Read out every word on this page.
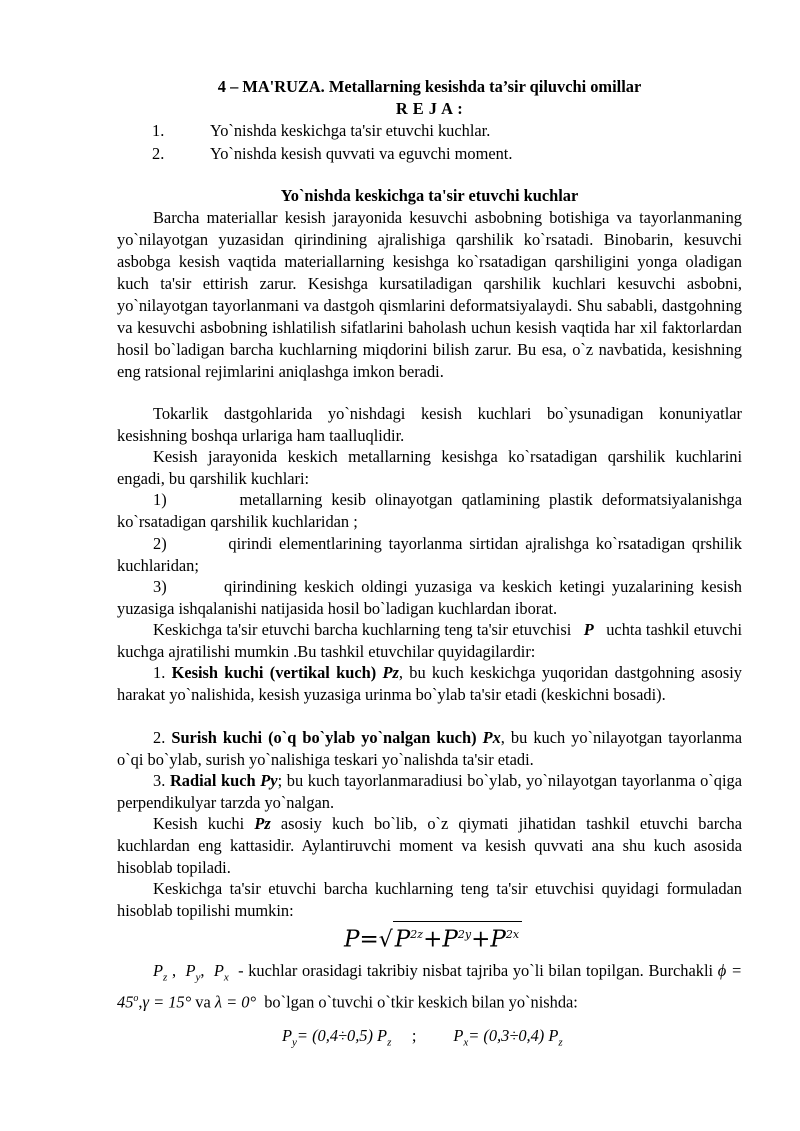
4 – MA'RUZA. Metallarning kesishda ta’sir qiluvchi omillar
R E J A :
1.	Yo`nishda keskichga ta'sir etuvchi kuchlar.
2.	Yo`nishda kesish quvvati va eguvchi moment.
Yo`nishda keskichga ta'sir etuvchi kuchlar
Barcha materiallar kesish jarayonida kesuvchi asbobning botishiga va tayorlanmaning yo`nilayotgan yuzasidan qirindining ajralishiga qarshilik ko`rsatadi. Binobarin, kesuvchi asbobga kesish vaqtida materiallarning kesishga ko`rsatadigan qarshiligini yonga oladigan kuch ta'sir ettirish zarur. Kesishga kursatiladigan qarshilik kuchlari kesuvchi asbobni, yo`nilayotgan tayorlanmani va dastgoh qismlarini deformatsiyalaydi. Shu sababli, dastgohning va kesuvchi asbobning ishlatilish sifatlarini baholash uchun kesish vaqtida har xil faktorlardan hosil bo`ladigan barcha kuchlarning miqdorini bilish zarur. Bu esa, o`z navbatida, kesishning eng ratsional rejimlarini aniqlashga imkon beradi.
Tokarlik dastgohlarida yo`nishdagi kesish kuchlari bo`ysunadigan konuniyatlar kesishning boshqa urlariga ham taalluqlidir.
Kesish jarayonida keskich metallarning kesishga ko`rsatadigan qarshilik kuchlarini engadi, bu qarshilik kuchlari:
1)	metallarning kesib olinayotgan qatlamining plastik deformatsiyalanishga ko`rsatadigan qarshilik kuchlaridan ;
2)	qirindi elementlarining tayorlanma sirtidan ajralishga ko`rsatadigan qrshilik kuchlaridan;
3)	qirindining keskich oldingi yuzasiga va keskich ketingi yuzalarining kesish yuzasiga ishqalanishi natijasida hosil bo`ladigan kuchlardan iborat.
Keskichga ta'sir etuvchi barcha kuchlarning teng ta'sir etuvchisi P uchta tashkil etuvchi kuchga ajratilishi mumkin .Bu tashkil etuvchilar quyidagilardir:
1. Kesish kuchi (vertikal kuch) Pz, bu kuch keskichga yuqoridan dastgohning asosiy harakat yo`nalishida, kesish yuzasiga urinma bo`ylab ta'sir etadi (keskichni bosadi).
2. Surish kuchi (o`q bo`ylab yo`nalgan kuch) Px, bu kuch yo`nilayotgan tayorlanma o`qi bo`ylab, surish yo`nalishiga teskari yo`nalishda ta'sir etadi.
3. Radial kuch Py; bu kuch tayorlanmaradiusi bo`ylab, yo`nilayotgan tayorlanma o`qiga perpendikulyar tarzda yo`nalgan.
Kesish kuchi Pz asosiy kuch bo`lib, o`z qiymati jihatidan tashkil etuvchi barcha kuchlardan eng kattasidir. Aylantiruvchi moment va kesish quvvati ana shu kuch asosida hisoblab topiladi.
Keskichga ta'sir etuvchi barcha kuchlarning teng ta'sir etuvchisi quyidagi formuladan hisoblab topilishi mumkin:
$P=√P^{2z}+P^{2y}+P^{2x}$
$P_z$ ,  $P_y$,  $P_x$ - kuchlar orasidagi takribiy nisbat tajriba yo`li bilan topilgan. Burchakli $\phi = 45^o,\gamma = 15^\circ$ va λ = 0° bo`lgan o`tuvchi o`tkir keskich bilan yo`nishda:
$P_y= (0,4\div 0,5)$ $P_z$ ; $P_x= (0,3\div 0,4)$ $P_z$
